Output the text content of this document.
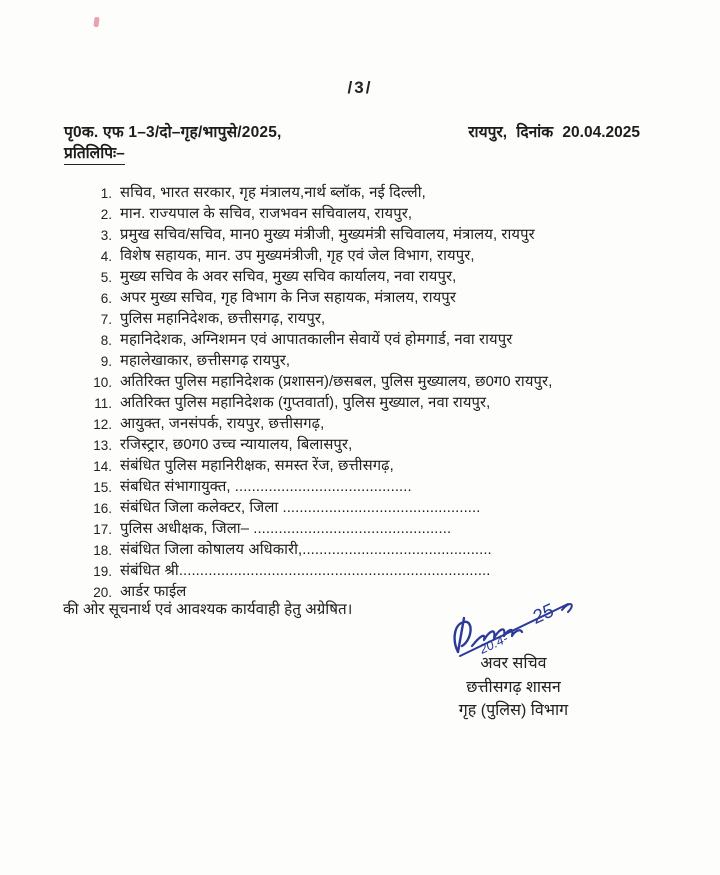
/3/
पृ0क. एफ 1–3/दो–गृह/भापुसे/2025,	रायपुर, दिनांक 20.04.2025
प्रतिलिपिः–
1. सचिव, भारत सरकार, गृह मंत्रालय,नार्थ ब्लॉक, नई दिल्ली,
2. मान. राज्यपाल के सचिव, राजभवन सचिवालय, रायपुर,
3. प्रमुख सचिव/सचिव, मान0 मुख्य मंत्रीजी, मुख्यमंत्री सचिवालय, मंत्रालय, रायपुर
4. विशेष सहायक, मान. उप मुख्यमंत्रीजी, गृह एवं जेल विभाग, रायपुर,
5. मुख्य सचिव के अवर सचिव, मुख्य सचिव कार्यालय, नवा रायपुर,
6. अपर मुख्य सचिव, गृह विभाग के निज सहायक, मंत्रालय, रायपुर
7. पुलिस महानिदेशक, छत्तीसगढ़, रायपुर,
8. महानिदेशक, अग्निशमन एवं आपातकालीन सेवायें एवं होमगार्ड, नवा रायपुर
9. महालेखाकार, छत्तीसगढ़ रायपुर,
10. अतिरिक्त पुलिस महानिदेशक (प्रशासन)/छसबल, पुलिस मुख्यालय, छ0ग0 रायपुर,
11. अतिरिक्त पुलिस महानिदेशक (गुप्तवार्ता), पुलिस मुख्याल, नवा रायपुर,
12. आयुक्त, जनसंपर्क, रायपुर, छत्तीसगढ़,
13. रजिस्ट्रार, छ0ग0 उच्च न्यायालय, बिलासपुर,
14. संबंधित पुलिस महानिरीक्षक, समस्त रेंज, छत्तीसगढ़,
15. संबधित संभागायुक्त, ..........................................
16. संबंधित जिला कलेक्टर, जिला ...............................................
17. पुलिस अधीक्षक, जिला– ...............................................
18. संबंधित जिला कोषालय अधिकारी,.............................................
19. संबंधित श्री..........................................................................
20. आर्डर फाईल
की ओर सूचनार्थ एवं आवश्यक कार्यवाही हेतु अग्रेषित।
20.4-
25
अवर सचिव
छत्तीसगढ़ शासन
गृह (पुलिस) विभाग
